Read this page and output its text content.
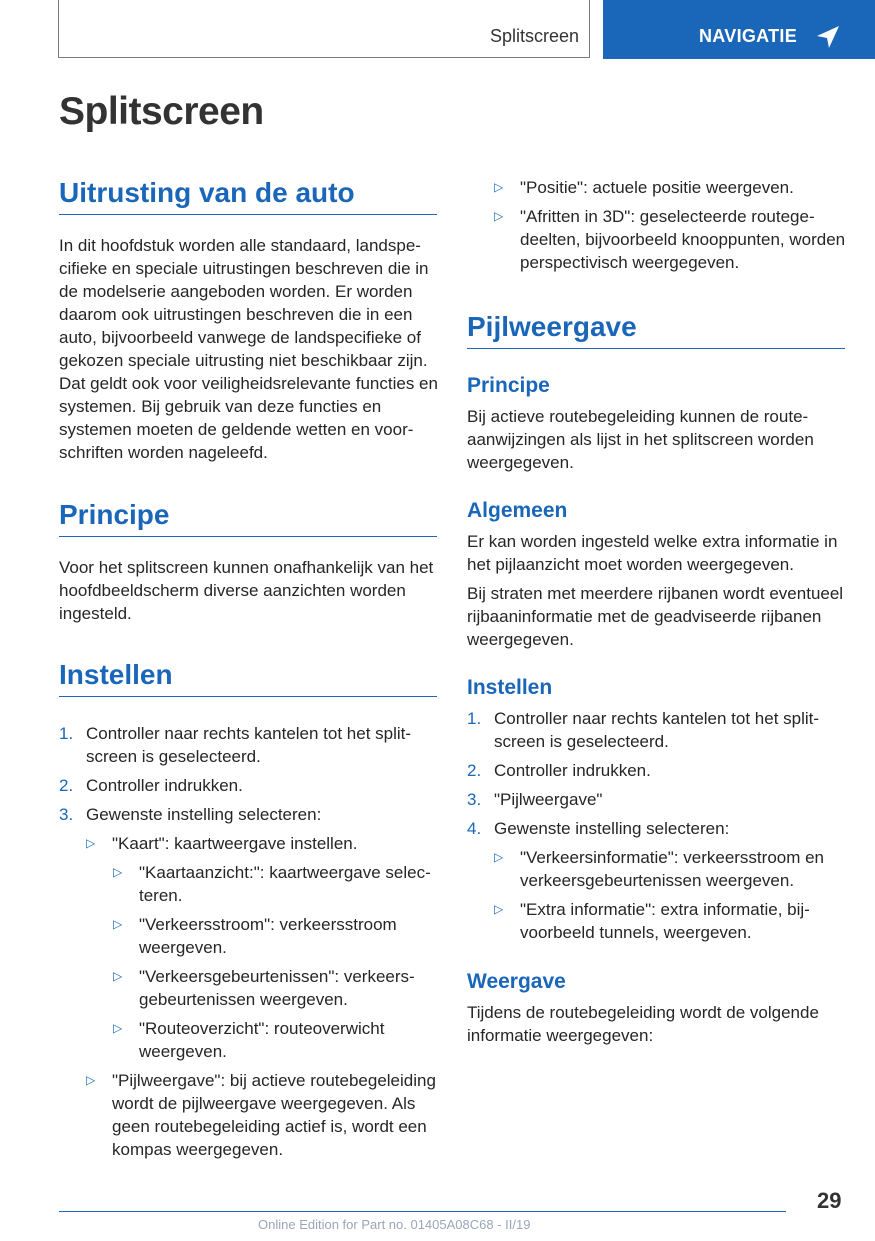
Splitscreen	NAVIGATIE
Splitscreen
Uitrusting van de auto

In dit hoofdstuk worden alle standaard, landspecifieke en speciale uitrustingen beschreven die in de modelserie aangeboden worden. Er worden daarom ook uitrustingen beschreven die in een auto, bijvoorbeeld vanwege de landspecifieke of gekozen speciale uitrusting niet beschikbaar zijn. Dat geldt ook voor veiligheidsrelevante functies en systemen. Bij gebruik van deze functies en systemen moeten de geldende wetten en voorschriften worden nageleefd.

Principe

Voor het splitscreen kunnen onafhankelijk van het hoofdbeeldscherm diverse aanzichten worden ingesteld.

Instellen
1. Controller naar rechts kantelen tot het splitscreen is geselecteerd.
2. Controller indrukken.
3. Gewenste instelling selecteren:
▷ "Kaart": kaartweergave instellen.
▷ "Kaartaanzicht:": kaartweergave selecteren.
▷ "Verkeersstroom": verkeersstroom weergeven.
▷ "Verkeersgebeurtenissen": verkeersgebeurtenissen weergeven.
▷ "Routeoverzicht": routeoverwicht weergeven.
▷ "Pijlweergave": bij actieve routebegeleiding wordt de pijlweergave weergegeven. Als geen routebegeleiding actief is, wordt een kompas weergegeven.
▷ "Positie": actuele positie weergeven.
▷ "Afritten in 3D": geselecteerde routegedeelten, bijvoorbeeld knooppunten, worden perspectivisch weergegeven.
Pijlweergave
Principe

Bij actieve routebegeleiding kunnen de routeaanwijzingen als lijst in het splitscreen worden weergegeven.

Algemeen

Er kan worden ingesteld welke extra informatie in het pijlaanzicht moet worden weergegeven.

Bij straten met meerdere rijbanen wordt eventueel rijbaaninformatie met de geadviseerde rijbanen weergegeven.

Instellen
1. Controller naar rechts kantelen tot het splitscreen is geselecteerd.
2. Controller indrukken.
3. "Pijlweergave"
4. Gewenste instelling selecteren:
▷ "Verkeersinformatie": verkeersstroom en verkeersgebeurtenissen weergeven.
▷ "Extra informatie": extra informatie, bijvoorbeeld tunnels, weergeven.
Weergave

Tijdens de routebegeleiding wordt de volgende informatie weergegeven:

29
Online Edition for Part no. 01405A08C68 - II/19
